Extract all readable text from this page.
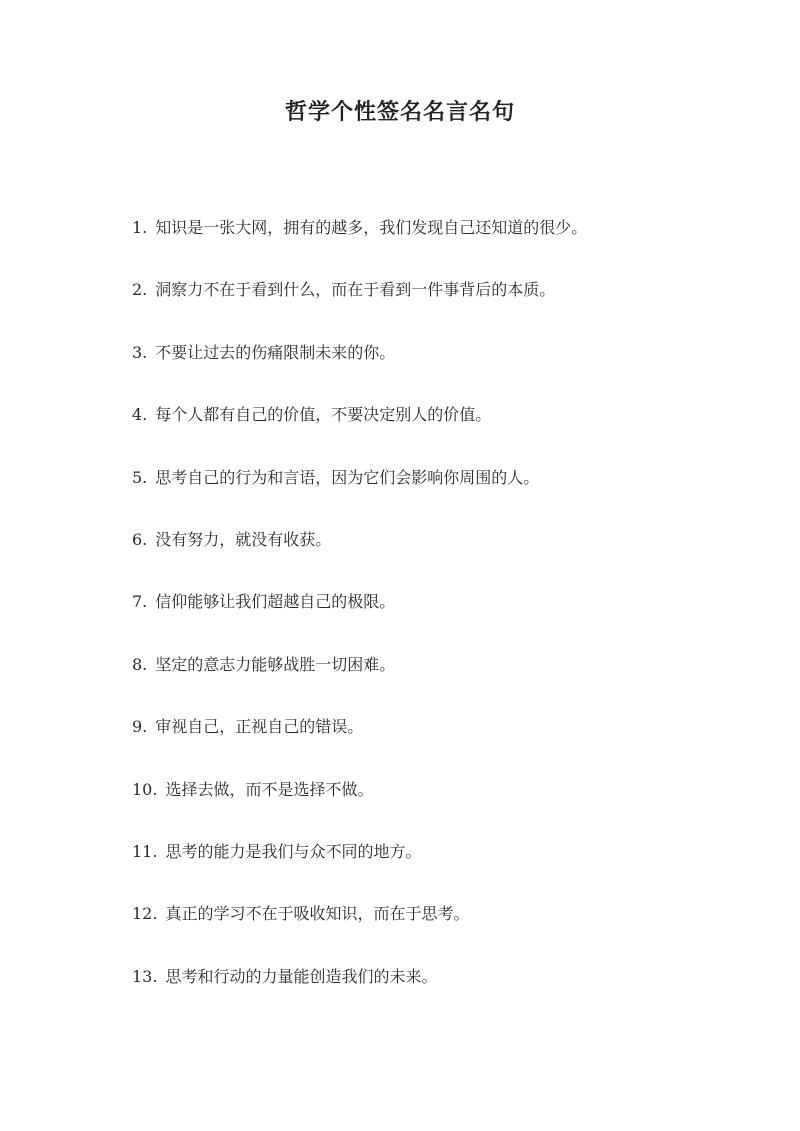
哲学个性签名名言名句
1. 知识是一张大网，拥有的越多，我们发现自己还知道的很少。
2. 洞察力不在于看到什么，而在于看到一件事背后的本质。
3. 不要让过去的伤痛限制未来的你。
4. 每个人都有自己的价值，不要决定别人的价值。
5. 思考自己的行为和言语，因为它们会影响你周围的人。
6. 没有努力，就没有收获。
7. 信仰能够让我们超越自己的极限。
8. 坚定的意志力能够战胜一切困难。
9. 审视自己，正视自己的错误。
10. 选择去做，而不是选择不做。
11. 思考的能力是我们与众不同的地方。
12. 真正的学习不在于吸收知识，而在于思考。
13. 思考和行动的力量能创造我们的未来。
